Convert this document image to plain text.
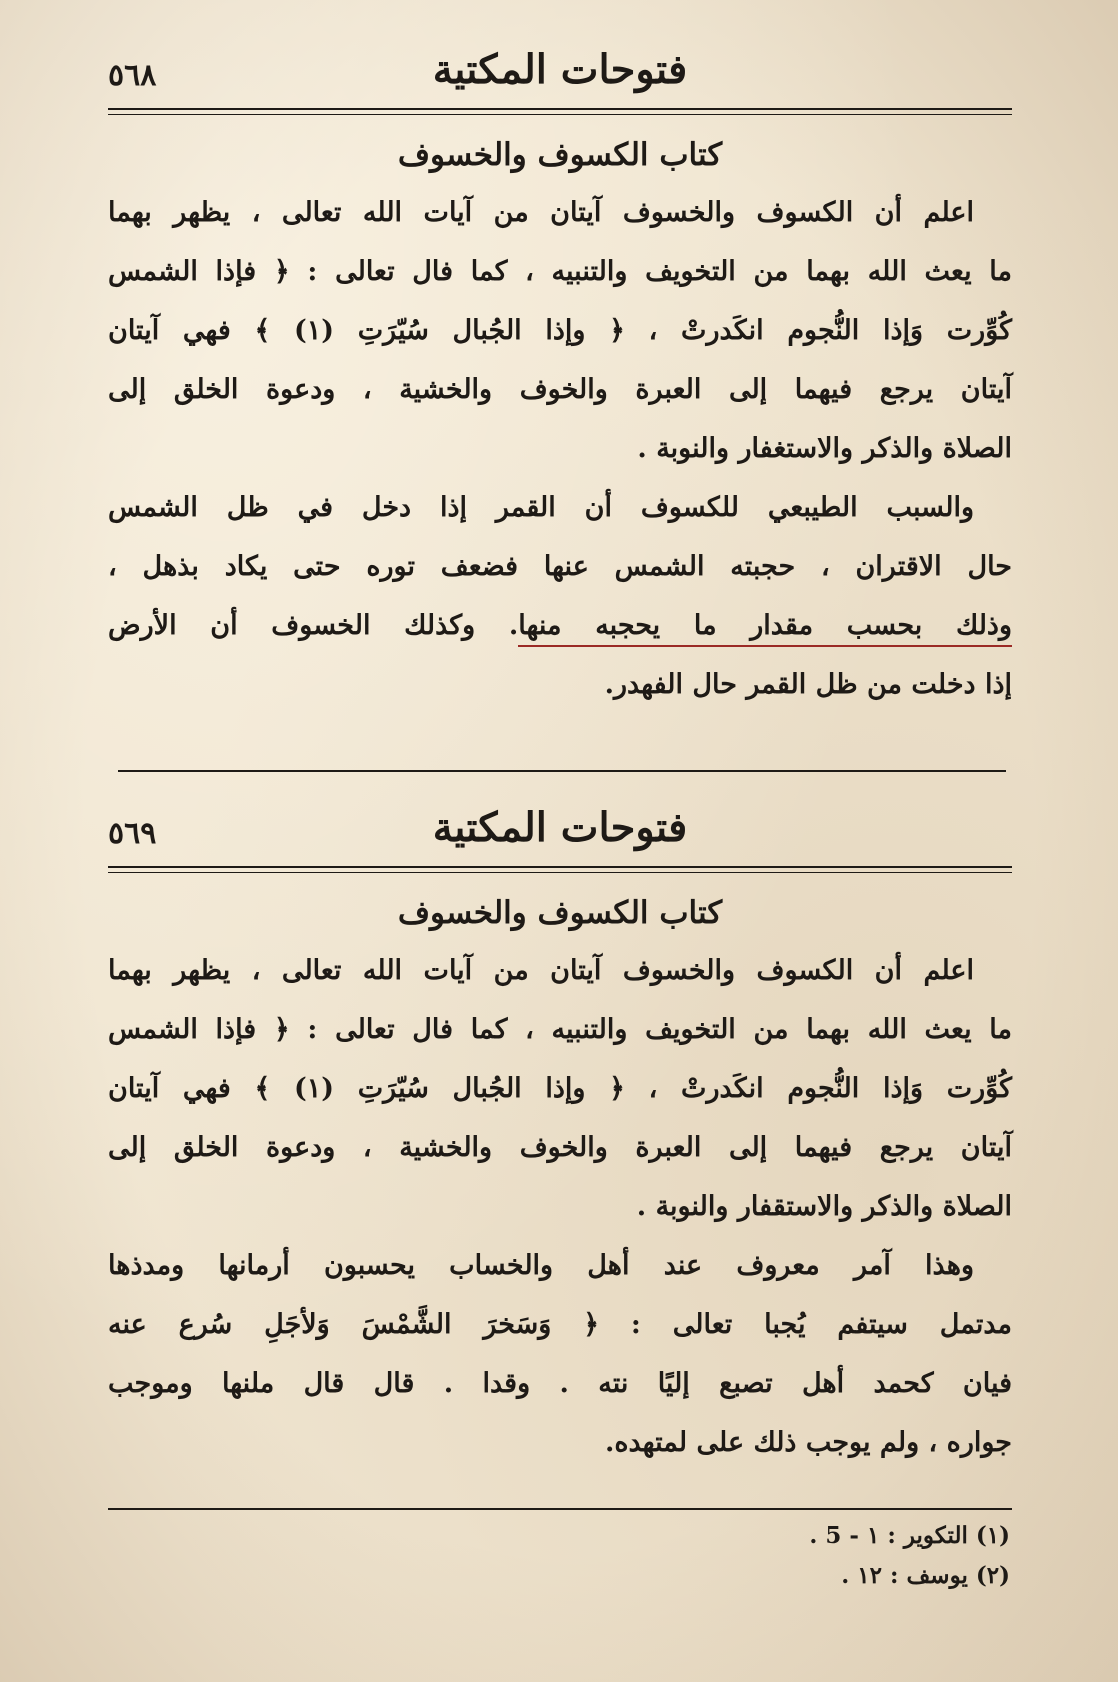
فتوحات المكتية
٥٦٨
كتاب الكسوف والخسوف
اعلم أن الكسوف والخسوف آيتان من آيات الله تعالى ، يظهر بهما
ما يعث الله بهما من التخويف والتنبيه ، كما فال تعالى : ﴿ فإذا الشمس
كُوِّرت وَإذا النُّجوم انكَدرتْ ، ﴿ وإذا الجُبال سُيّرَتِ (١) ﴾ فهي آيتان
آيتان يرجع فيهما إلى العبرة والخوف والخشية ، ودعوة الخلق إلى
الصلاة والذكر والاستغفار والنوبة .
والسبب الطيبعي للكسوف أن القمر إذا دخل في ظل الشمس
حال الاقتران ، حجبته الشمس عنها فضعف توره حتى يكاد بذهل ،
وذلك بحسب مقدار ما يحجبه منها. وكذلك الخسوف أن الأرض
إذا دخلت من ظل القمر حال الفهدر.
فتوحات المكتية
٥٦٩
كتاب الكسوف والخسوف
اعلم أن الكسوف والخسوف آيتان من آيات الله تعالى ، يظهر بهما
ما يعث الله بهما من التخويف والتنبيه ، كما فال تعالى : ﴿ فإذا الشمس
كُوِّرت وَإذا النُّجوم انكَدرتْ ، ﴿ وإذا الجُبال سُيّرَتِ (١) ﴾ فهي آيتان
آيتان يرجع فيهما إلى العبرة والخوف والخشية ، ودعوة الخلق إلى
الصلاة والذكر والاستقفار والنوبة .
وهذا آمر معروف عند أهل والخساب يحسبون أرمانها ومدذها
مدتمل سيتفم يُجبا تعالى : ﴿ وَسَخرَ الشَّمْسَ وَلأجَلِ سُرع عنه
فيان كحمد أهل تصبع إليًا نته . وقدا . قال قال ملنها وموجب
جواره ، ولم يوجب ذلك على لمتهده.
(١) التكوير : ١ - 5 .
(٢) يوسف : ١٢ .
